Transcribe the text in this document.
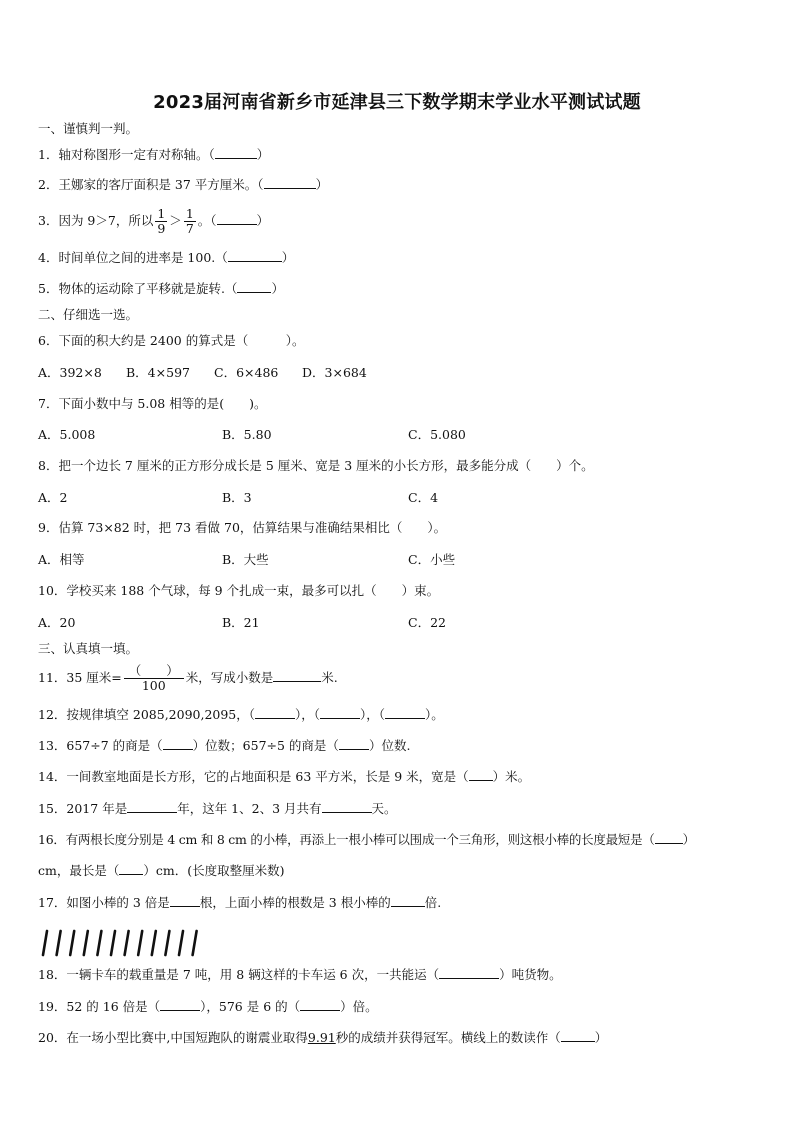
2023届河南省新乡市延津县三下数学期末学业水平测试试题
一、谨慎判一判。
1．轴对称图形一定有对称轴。（	）
2．王娜家的客厅面积是 37 平方厘米。（	）
3．因为 9＞7，所以 $\frac{1}{9} > \frac{1}{7}$ 。（	）
4．时间单位之间的进率是 100.（	）
5．物体的运动除了平移就是旋转.（	）
二、仔细选一选。
6．下面的积大约是 2400 的算式是（　　　）。
A．392×8 B．4×597 C．6×486 D．3×684
7．下面小数中与 5.08 相等的是(　　)。
A．5.008	B．5.80	C．5.080
8．把一个边长 7 厘米的正方形分成长是 5 厘米、宽是 3 厘米的小长方形，最多能分成（　　）个。
A．2	B．3	C．4
9．估算 73×82 时，把 73 看做 70，估算结果与准确结果相比（　　）。
A．相等	B．大些	C．小些
10．学校买来 188 个气球，每 9 个扎成一束，最多可以扎（　　）束。
A．20	B．21	C．22
三、认真填一填。
11．35 厘米= $\frac{( )}{100}$ 米，写成小数是	米.
12．按规律填空 2085,2090,2095，（	），（	），（	）。
13．657÷7 的商是（ ）位数；657÷5 的商是（ ）位数.
14．一间教室地面是长方形，它的占地面积是 63 平方米，长是 9 米，宽是（ ）米。
15．2017 年是	年，这年 1、2、3 月共有	天。
16．有两根长度分别是 4 cm 和 8 cm 的小棒，再添上一根小棒可以围成一个三角形，则这根小棒的长度最短是（ ）
cm，最长是（ ）cm．(长度取整厘米数)
17．如图小棒的 3 倍是 根，上面小棒的根数是 3 根小棒的	倍.
18．一辆卡车的载重量是 7 吨，用 8 辆这样的卡车运 6 次，一共能运（	）吨货物。
19．52 的 16 倍是（	），576 是 6 的（	）倍。
20．在一场小型比赛中,中国短跑队的谢震业取得9.91秒的成绩并获得冠军。横线上的数读作（	）
